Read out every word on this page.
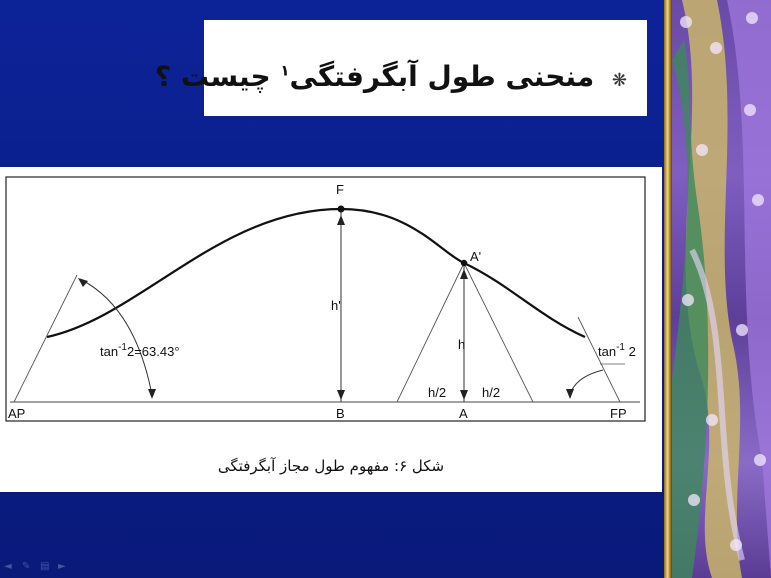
❋ منحنی طول آبگرفتگی$^١$ چیست ؟
F
A'
h'
h
h/2	h/2
AP	B	A	FP
$\tan^{-1}2=63.43^\circ$	$\tan^{-1} 2$
شکل ۶: مفهوم طول مجاز آبگرفتگی
◄	✎ ▤ ►
